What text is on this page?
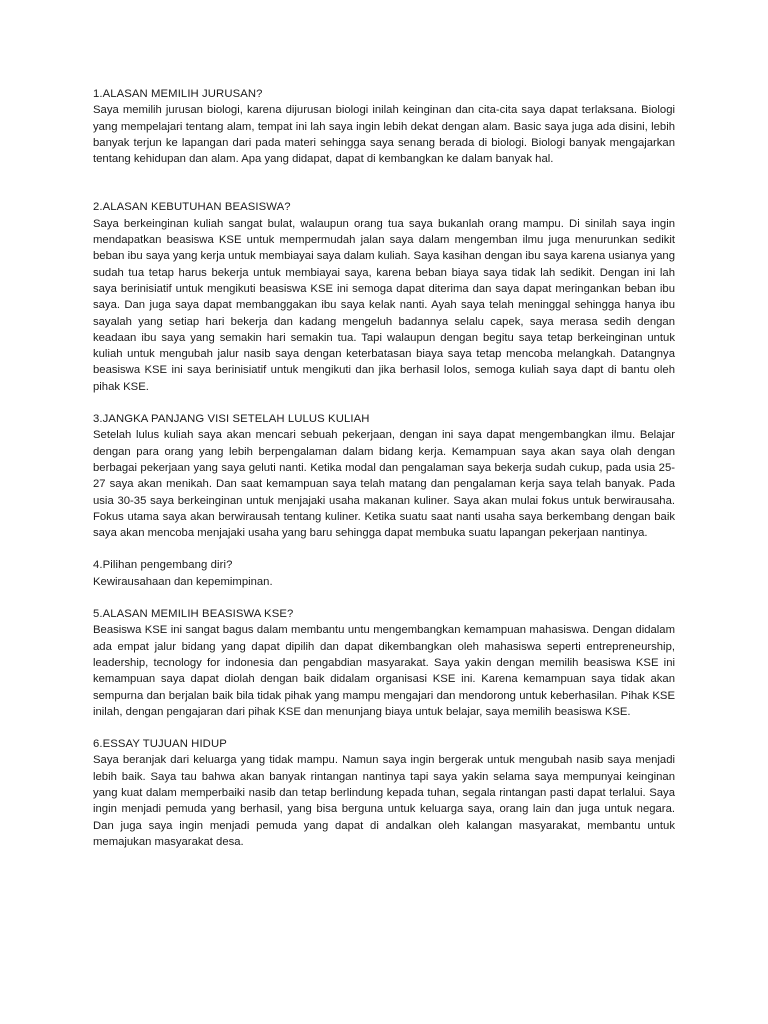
1.ALASAN MEMILIH JURUSAN?
Saya memilih jurusan biologi, karena dijurusan biologi inilah keinginan dan cita-cita saya dapat terlaksana. Biologi yang mempelajari tentang alam, tempat ini lah saya ingin lebih dekat dengan alam. Basic saya juga ada disini, lebih banyak terjun ke lapangan dari pada materi sehingga saya senang berada di biologi. Biologi banyak mengajarkan tentang kehidupan dan alam. Apa yang didapat, dapat di kembangkan ke dalam banyak hal.
2.ALASAN KEBUTUHAN BEASISWA?
Saya berkeinginan kuliah sangat bulat, walaupun orang tua saya bukanlah orang mampu. Di sinilah saya ingin mendapatkan beasiswa KSE untuk mempermudah jalan saya dalam mengemban ilmu juga menurunkan sedikit beban ibu saya yang kerja untuk membiayai saya dalam kuliah. Saya kasihan dengan ibu saya karena usianya yang sudah tua tetap harus bekerja untuk membiayai saya, karena beban biaya saya tidak lah sedikit. Dengan ini lah saya berinisiatif untuk mengikuti beasiswa KSE ini semoga dapat diterima dan saya dapat meringankan beban ibu saya. Dan juga saya dapat membanggakan ibu saya kelak nanti. Ayah saya telah meninggal sehingga hanya ibu sayalah yang setiap hari bekerja dan kadang mengeluh badannya selalu capek, saya merasa sedih dengan keadaan ibu saya yang semakin hari semakin tua. Tapi walaupun dengan begitu saya tetap berkeinginan untuk kuliah untuk mengubah jalur nasib saya dengan keterbatasan biaya saya tetap mencoba melangkah. Datangnya beasiswa KSE ini saya berinisiatif untuk mengikuti dan jika berhasil lolos, semoga kuliah saya dapt di bantu oleh pihak KSE.
3.JANGKA PANJANG VISI SETELAH LULUS KULIAH
Setelah lulus kuliah saya akan mencari sebuah pekerjaan, dengan ini saya dapat mengembangkan ilmu. Belajar dengan para orang yang lebih berpengalaman dalam bidang kerja. Kemampuan saya akan saya olah dengan berbagai pekerjaan yang saya geluti nanti. Ketika modal dan pengalaman saya bekerja sudah cukup, pada usia 25-27 saya akan menikah. Dan saat kemampuan saya telah matang dan pengalaman kerja saya telah banyak. Pada usia 30-35 saya berkeinginan untuk menjajaki usaha makanan kuliner. Saya akan mulai fokus untuk berwirausaha. Fokus utama saya akan berwirausah tentang kuliner. Ketika suatu saat nanti usaha saya berkembang dengan baik saya akan mencoba menjajaki usaha yang baru sehingga dapat membuka suatu lapangan pekerjaan nantinya.
4.Pilihan pengembang diri?
Kewirausahaan dan kepemimpinan.
5.ALASAN MEMILIH BEASISWA KSE?
Beasiswa KSE ini sangat bagus dalam membantu untu mengembangkan kemampuan mahasiswa. Dengan didalam ada empat jalur bidang yang dapat dipilih dan dapat dikembangkan oleh mahasiswa seperti entrepreneurship, leadership, tecnology for indonesia dan pengabdian masyarakat. Saya yakin dengan memilih beasiswa KSE ini kemampuan saya dapat diolah dengan baik didalam organisasi KSE ini. Karena kemampuan saya tidak akan sempurna dan berjalan baik bila tidak pihak yang mampu mengajari dan mendorong untuk keberhasilan. Pihak KSE inilah, dengan pengajaran dari pihak KSE dan menunjang biaya untuk belajar, saya memilih beasiswa KSE.
6.ESSAY TUJUAN HIDUP
Saya beranjak dari keluarga yang tidak mampu. Namun saya ingin bergerak untuk mengubah nasib saya menjadi lebih baik. Saya tau bahwa akan banyak rintangan nantinya tapi saya yakin selama saya mempunyai keinginan yang kuat dalam memperbaiki nasib dan tetap berlindung kepada tuhan, segala rintangan pasti dapat terlalui. Saya ingin menjadi pemuda yang berhasil, yang bisa berguna untuk keluarga saya, orang lain dan juga untuk negara. Dan juga saya ingin menjadi pemuda yang dapat di andalkan oleh kalangan masyarakat, membantu untuk memajukan masyarakat desa.
